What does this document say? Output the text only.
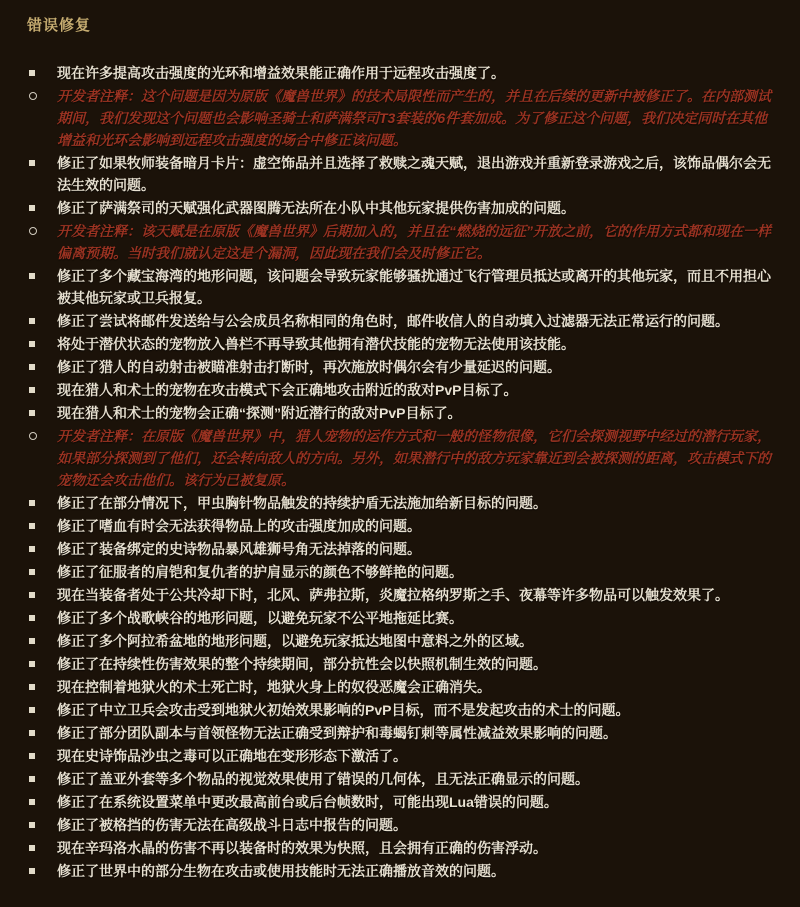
错误修复
现在许多提高攻击强度的光环和增益效果能正确作用于远程攻击强度了。
开发者注释：这个问题是因为原版《魔兽世界》的技术局限性而产生的，并且在后续的更新中被修正了。在内部测试期间，我们发现这个问题也会影响圣骑士和萨满祭司T3套装的6件套加成。为了修正这个问题，我们决定同时在其他增益和光环会影响到远程攻击强度的场合中修正该问题。
修正了如果牧师装备暗月卡片：虚空饰品并且选择了救赎之魂天赋，退出游戏并重新登录游戏之后，该饰品偶尔会无法生效的问题。
修正了萨满祭司的天赋强化武器图腾无法所在小队中其他玩家提供伤害加成的问题。
开发者注释：该天赋是在原版《魔兽世界》后期加入的，并且在“燃烧的远征”开放之前，它的作用方式都和现在一样偏离预期。当时我们就认定这是个漏洞，因此现在我们会及时修正它。
修正了多个藏宝海湾的地形问题，该问题会导致玩家能够骚扰通过飞行管理员抵达或离开的其他玩家，而且不用担心被其他玩家或卫兵报复。
修正了尝试将邮件发送给与公会成员名称相同的角色时，邮件收信人的自动填入过滤器无法正常运行的问题。
将处于潜伏状态的宠物放入兽栏不再导致其他拥有潜伏技能的宠物无法使用该技能。
修正了猎人的自动射击被瞄准射击打断时，再次施放时偶尔会有少量延迟的问题。
现在猎人和术士的宠物在攻击模式下会正确地攻击附近的敌对PvP目标了。
现在猎人和术士的宠物会正确“探测”附近潜行的敌对PvP目标了。
开发者注释：在原版《魔兽世界》中，猎人宠物的运作方式和一般的怪物很像，它们会探测视野中经过的潜行玩家，如果部分探测到了他们，还会转向敌人的方向。另外，如果潜行中的敌方玩家靠近到会被探测的距离，攻击模式下的宠物还会攻击他们。该行为已被复原。
修正了在部分情况下，甲虫胸针物品触发的持续护盾无法施加给新目标的问题。
修正了嗜血有时会无法获得物品上的攻击强度加成的问题。
修正了装备绑定的史诗物品暴风雄狮号角无法掉落的问题。
修正了征服者的肩铠和复仇者的护肩显示的颜色不够鲜艳的问题。
现在当装备者处于公共冷却下时，北风、萨弗拉斯，炎魔拉格纳罗斯之手、夜幕等许多物品可以触发效果了。
修正了多个战歌峡谷的地形问题，以避免玩家不公平地拖延比赛。
修正了多个阿拉希盆地的地形问题，以避免玩家抵达地图中意料之外的区域。
修正了在持续性伤害效果的整个持续期间，部分抗性会以快照机制生效的问题。
现在控制着地狱火的术士死亡时，地狱火身上的奴役恶魔会正确消失。
修正了中立卫兵会攻击受到地狱火初始效果影响的PvP目标，而不是发起攻击的术士的问题。
修正了部分团队副本与首领怪物无法正确受到辩护和毒蝎钉刺等属性减益效果影响的问题。
现在史诗饰品沙虫之毒可以正确地在变形形态下激活了。
修正了盖亚外套等多个物品的视觉效果使用了错误的几何体，且无法正确显示的问题。
修正了在系统设置菜单中更改最高前台或后台帧数时，可能出现Lua错误的问题。
修正了被格挡的伤害无法在高级战斗日志中报告的问题。
现在辛玛洛水晶的伤害不再以装备时的效果为快照，且会拥有正确的伤害浮动。
修正了世界中的部分生物在攻击或使用技能时无法正确播放音效的问题。
